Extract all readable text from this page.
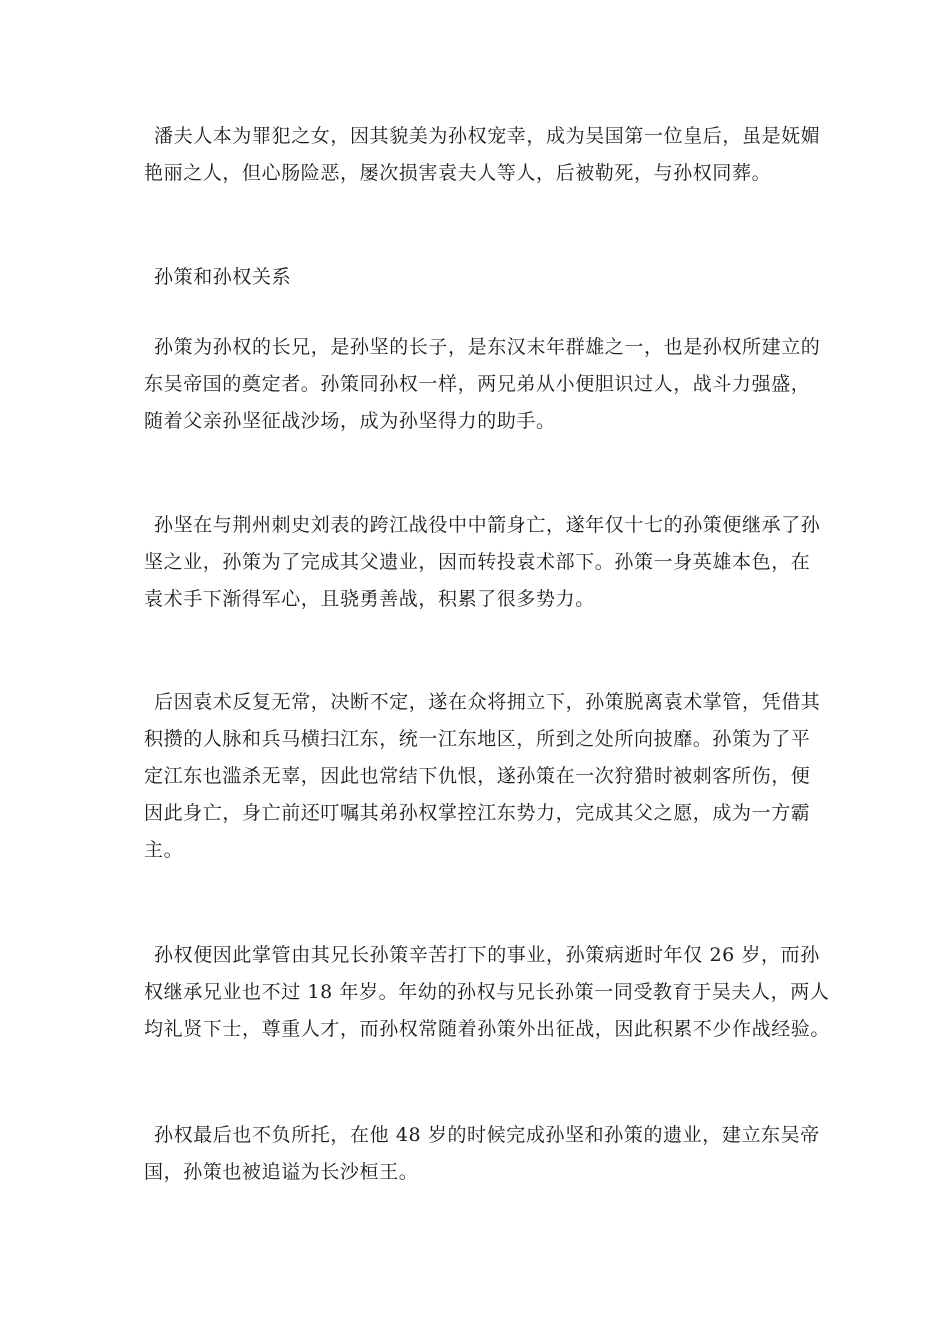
潘夫人本为罪犯之女，因其貌美为孙权宠幸，成为吴国第一位皇后，虽是妩媚
艳丽之人，但心肠险恶，屡次损害袁夫人等人，后被勒死，与孙权同葬。
孙策和孙权关系
孙策为孙权的长兄，是孙坚的长子，是东汉末年群雄之一，也是孙权所建立的
东吴帝国的奠定者。孙策同孙权一样，两兄弟从小便胆识过人，战斗力强盛，
随着父亲孙坚征战沙场，成为孙坚得力的助手。
孙坚在与荆州刺史刘表的跨江战役中中箭身亡，遂年仅十七的孙策便继承了孙
坚之业，孙策为了完成其父遗业，因而转投袁术部下。孙策一身英雄本色，在
袁术手下渐得军心，且骁勇善战，积累了很多势力。
后因袁术反复无常，决断不定，遂在众将拥立下，孙策脱离袁术掌管，凭借其
积攒的人脉和兵马横扫江东，统一江东地区，所到之处所向披靡。孙策为了平
定江东也滥杀无辜，因此也常结下仇恨，遂孙策在一次狩猎时被刺客所伤，便
因此身亡，身亡前还叮嘱其弟孙权掌控江东势力，完成其父之愿，成为一方霸
主。
孙权便因此掌管由其兄长孙策辛苦打下的事业，孙策病逝时年仅 26 岁，而孙
权继承兄业也不过 18 年岁。年幼的孙权与兄长孙策一同受教育于吴夫人，两人
均礼贤下士，尊重人才，而孙权常随着孙策外出征战，因此积累不少作战经验。
孙权最后也不负所托，在他 48 岁的时候完成孙坚和孙策的遗业，建立东吴帝
国，孙策也被追谥为长沙桓王。
